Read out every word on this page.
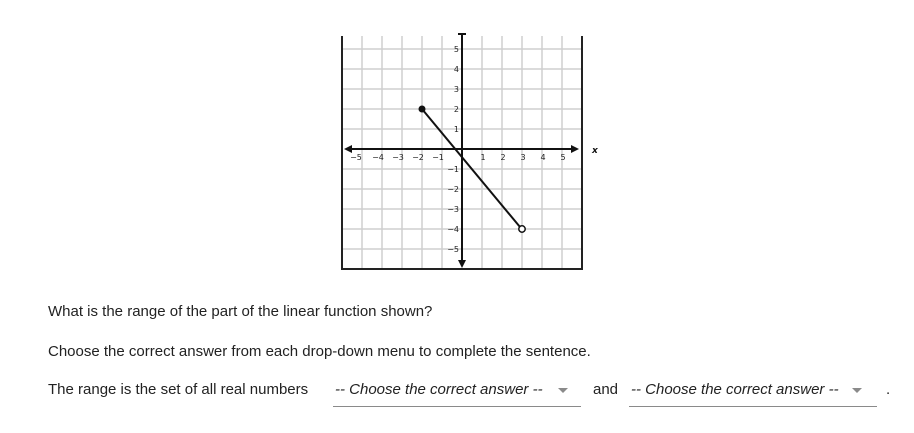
x
−5 −4 −3 −2 −1	1 2 3 4 5
5
4
3
2
1
−1
−2
−3
−4
−5
What is the range of the part of the linear function shown?
Choose the correct answer from each drop-down menu to complete the sentence.
The range is the set of all real numbers -- Choose the correct answer --	and -- Choose the correct answer --	.
